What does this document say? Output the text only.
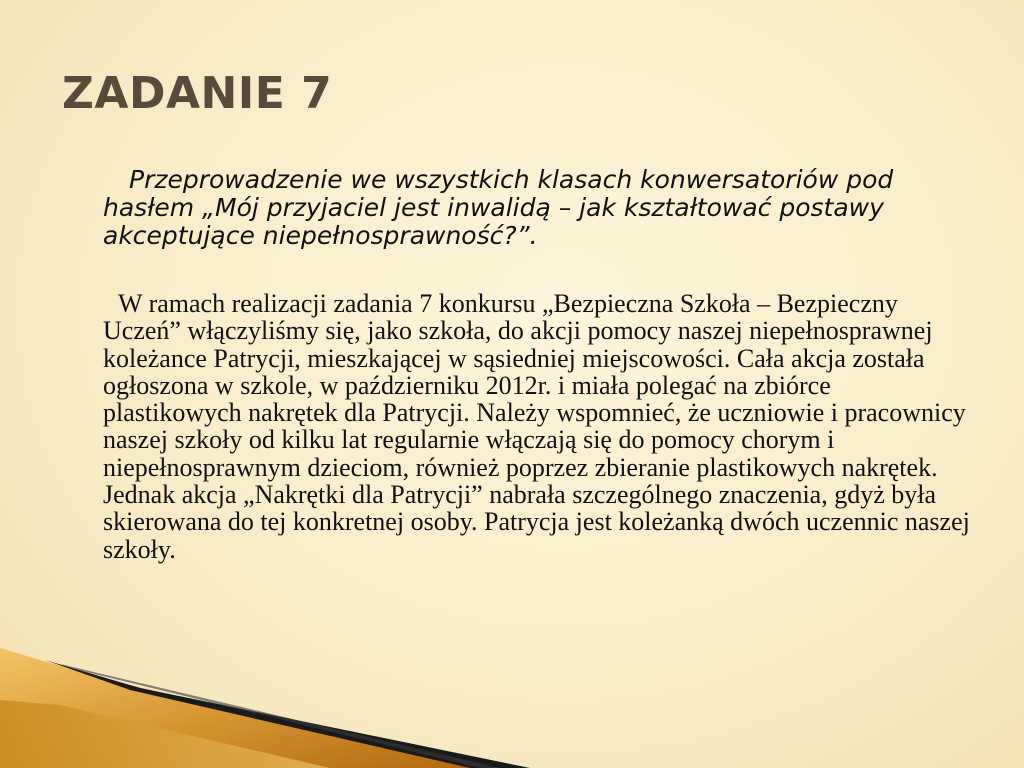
ZADANIE 7

Przeprowadzenie we wszystkich klasach konwersatoriów pod hasłem „Mój przyjaciel jest inwalidą – jak kształtować postawy akceptujące niepełnosprawność?”.

W ramach realizacji zadania 7 konkursu „Bezpieczna Szkoła – Bezpieczny Uczeń” włączyliśmy się, jako szkoła, do akcji pomocy naszej niepełnosprawnej koleżance Patrycji, mieszkającej w sąsiedniej miejscowości. Cała akcja została ogłoszona w szkole, w październiku 2012r. i miała polegać na zbiórce plastikowych nakrętek dla Patrycji. Należy wspomnieć, że uczniowie i pracownicy naszej szkoły od kilku lat regularnie włączają się do pomocy chorym i niepełnosprawnym dzieciom, również poprzez zbieranie plastikowych nakrętek. Jednak akcja „Nakrętki dla Patrycji” nabrała szczególnego znaczenia, gdyż była skierowana do tej konkretnej osoby. Patrycja jest koleżanką dwóch uczennic naszej szkoły.
